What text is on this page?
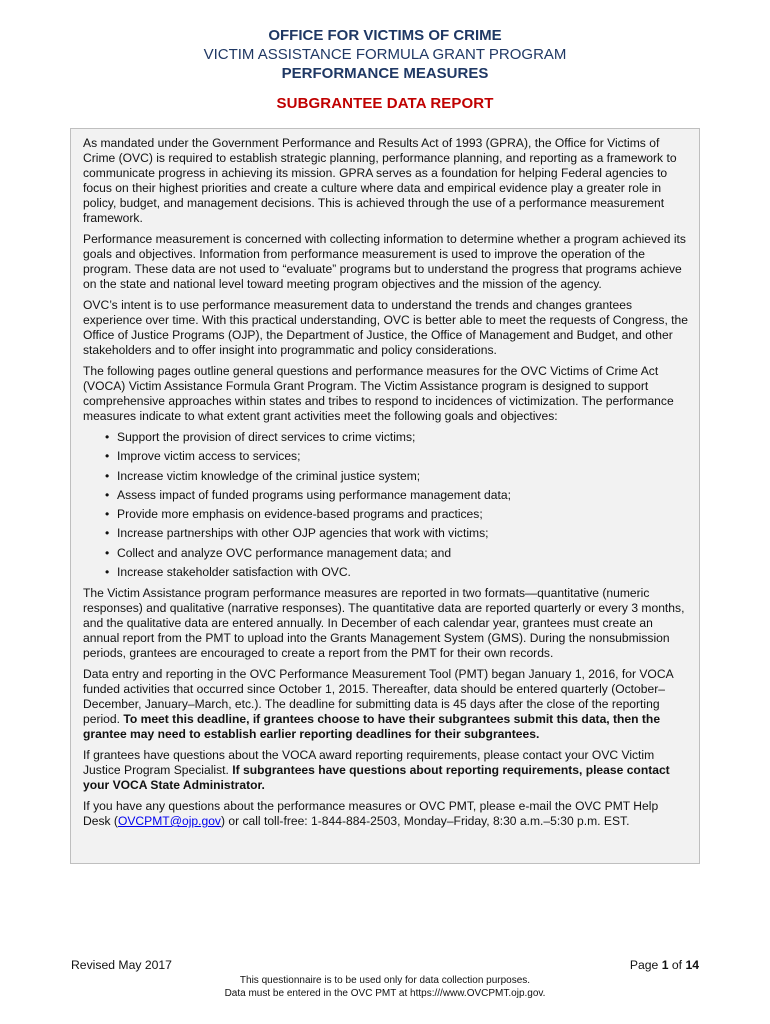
OFFICE FOR VICTIMS OF CRIME
VICTIM ASSISTANCE FORMULA GRANT PROGRAM
PERFORMANCE MEASURES
SUBGRANTEE DATA REPORT

As mandated under the Government Performance and Results Act of 1993 (GPRA), the Office for Victims of Crime (OVC) is required to establish strategic planning, performance planning, and reporting as a framework to communicate progress in achieving its mission. GPRA serves as a foundation for helping Federal agencies to focus on their highest priorities and create a culture where data and empirical evidence play a greater role in policy, budget, and management decisions. This is achieved through the use of a performance measurement framework.

Performance measurement is concerned with collecting information to determine whether a program achieved its goals and objectives. Information from performance measurement is used to improve the operation of the program. These data are not used to “evaluate” programs but to understand the progress that programs achieve on the state and national level toward meeting program objectives and the mission of the agency.

OVC’s intent is to use performance measurement data to understand the trends and changes grantees experience over time. With this practical understanding, OVC is better able to meet the requests of Congress, the Office of Justice Programs (OJP), the Department of Justice, the Office of Management and Budget, and other stakeholders and to offer insight into programmatic and policy considerations.

The following pages outline general questions and performance measures for the OVC Victims of Crime Act (VOCA) Victim Assistance Formula Grant Program. The Victim Assistance program is designed to support comprehensive approaches within states and tribes to respond to incidences of victimization. The performance measures indicate to what extent grant activities meet the following goals and objectives:

• Support the provision of direct services to crime victims;
• Improve victim access to services;
• Increase victim knowledge of the criminal justice system;
• Assess impact of funded programs using performance management data;
• Provide more emphasis on evidence-based programs and practices;
• Increase partnerships with other OJP agencies that work with victims;
• Collect and analyze OVC performance management data; and
• Increase stakeholder satisfaction with OVC.

The Victim Assistance program performance measures are reported in two formats—quantitative (numeric responses) and qualitative (narrative responses). The quantitative data are reported quarterly or every 3 months, and the qualitative data are entered annually. In December of each calendar year, grantees must create an annual report from the PMT to upload into the Grants Management System (GMS). During the nonsubmission periods, grantees are encouraged to create a report from the PMT for their own records.

Data entry and reporting in the OVC Performance Measurement Tool (PMT) began January 1, 2016, for VOCA funded activities that occurred since October 1, 2015. Thereafter, data should be entered quarterly (October–December, January–March, etc.). The deadline for submitting data is 45 days after the close of the reporting period. To meet this deadline, if grantees choose to have their subgrantees submit this data, then the grantee may need to establish earlier reporting deadlines for their subgrantees.

If grantees have questions about the VOCA award reporting requirements, please contact your OVC Victim Justice Program Specialist. If subgrantees have questions about reporting requirements, please contact your VOCA State Administrator.

If you have any questions about the performance measures or OVC PMT, please e-mail the OVC PMT Help Desk (OVCPMT@ojp.gov) or call toll-free: 1-844-884-2503, Monday–Friday, 8:30 a.m.–5:30 p.m. EST.

Revised May 2017	Page 1 of 14
This questionnaire is to be used only for data collection purposes.
Data must be entered in the OVC PMT at https:///www.OVCPMT.ojp.gov.
